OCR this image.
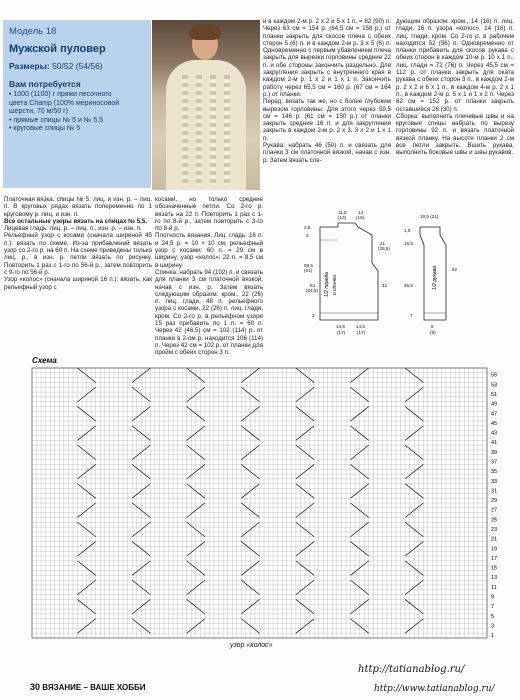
Модель 18
Мужской пуловер
Размеры: 50/52 (54/56)
Вам потребуется
• 1000 (1100) г пряжи песочного
цвета Champ (100% мериносовой
шерсти, 70 м/50 г)
• прямые спицы № 5 и № 5,5
• круговые спицы № 5

Платочная вязка, спицы № 5: лиц. и изн. р. – лиц. п. В круговых рядах вязать попеременно по 1 круговому р. лиц. и изн. п.

Все остальные узоры вязать на спицах № 5,5.

Лицевая гладь: лиц. р. – лиц. п., изн. р. – изн. п.

Рельефный узор с косами (сначала шириной 45 п.): вязать по схеме. Из-за прибавлений вязать узор со 2-го р. на 60 п. На схеме приведены только лиц. р., в изн. р. петли вязать по рисунку. Повторить 1 раз с 1-го по 56-й р., затем повторить с 9-го по 56-й р.

Узор «колос» (сначала шириной 16 п.): вязать, как рельефный узор с

косами, но только средние обозначенные петли. Со 2-го р. вязать на 22 п. Повторить 1 раз с 1-го по 8-й р., затем повторить с 3-го по 8-й р.

Плотность вязания. Лиц. гладь: 16 п. и 24,5 р. = 10 × 10 см; рельефный узор с косами: 60 п. = 29 см в ширину; узор «колос»: 22 п. = 8,5 см в ширину.

Спинка: набрать 94 (102) п. и связать для планки 3 см платочной вязкой, начав с изн. р. Затем вязать следующим образом: кром., 22 (26) п. лиц. глади, 48 п. рельефного узора с косами, 22 (26) п. лиц. глади, кром. Со 2-го р. в рельефном узоре 15 раз прибавить по 1 п. = 60 п. Через 42 (46,5) см = 102 (114) р. от планки в 2-ом р. находится 106 (114) п. Через 42 см = 102 р. от планки для пройм с обеих сторон 3 п.

и в каждом 2-м р. 2 х 2 и 5 х 1 п. = 82 (90) п. Через 63 см = 154 р. (64,5 см = 158 р.) от планки закрыть для скосов плеча с обеих сторон 5 (6) п. и в каждом 2-м р. 3 х 5 (6) п. Одновременно с первым убавлением плеча закрыть для вырезки горловины средние 22 п. и обе стороны закончить раздельно. Для закругления закрыть с внутреннего края в каждом 2-м р. 1 х 2 и 1 х 1 п. Закончить работу через 65,5 см = 160 р. (67 см = 164 р.) от планки.

Перед: вязать так же, но с более глубоким вырезом горловины. Для этого через 59,5 см = 146 р. (61 см = 150 р.) от планки закрыть средние 16 п. и для закругления закрыть в каждом 2-м р. 2 х 3, 3 х 2 и 1 х 1 п.

Рукава: набрать 46 (50) п. и связать для планки 3 см платочной вязкой, начав с изн. р. Затем вязать сле-

дующим образом: кром., 14 (16) п. лиц. глади, 16 п. узора «колос», 14 (16) п. лиц. глади, кром. Со 2-го р. в рабочем находится 52 (56) п. Одновременно от планки прибавить для скосов рукава с обеих сторон в каждом 10-м р. 10 х 1 п., лиц. глади = 72 (76) п. Через 45,5 см = 112 р. от планки закрыть для оката рукава с обеих сторон 3 п., в каждом 2-м р. 2 х 2 и 6 х 1 п., в каждом 4-м р. 2 х 1 п., в каждом 2-м р. 5 х 1 и 1 х 2 п. Через 62 см = 152 р. от планки закрыть оставшиеся 26 (30) п.

Сборка: выполнить плечевые швы и на круговые спицы набрать по вырезу горловины 92 п. и вязать платочной вязкой планку. На высоте планки 2 см все петли закрыть. Вшить рукава, выполнить боковые швы и швы рукавов.

1/2 переда и спинки	1/2 рукава
11,5
(13)
14
(15)
2,5
3
1,5
59,5
(61)
63
(64,5)
45,5
42
62
16,5
21
(25,5)
3	7
14,5
(17)
14,5
(17)
8
(9)
19,5 (21)
Схема
55
53
51
49
47
45
43
41
39
37
35
33
31
29
27
25
23
21
19
17
15
13
11
9
7
5
3
1
узор «колос»
30 ВЯЗАНИЕ – ВАШЕ ХОББИ
http://tatianablog.ru/
http://www.tatianablog.ru/
